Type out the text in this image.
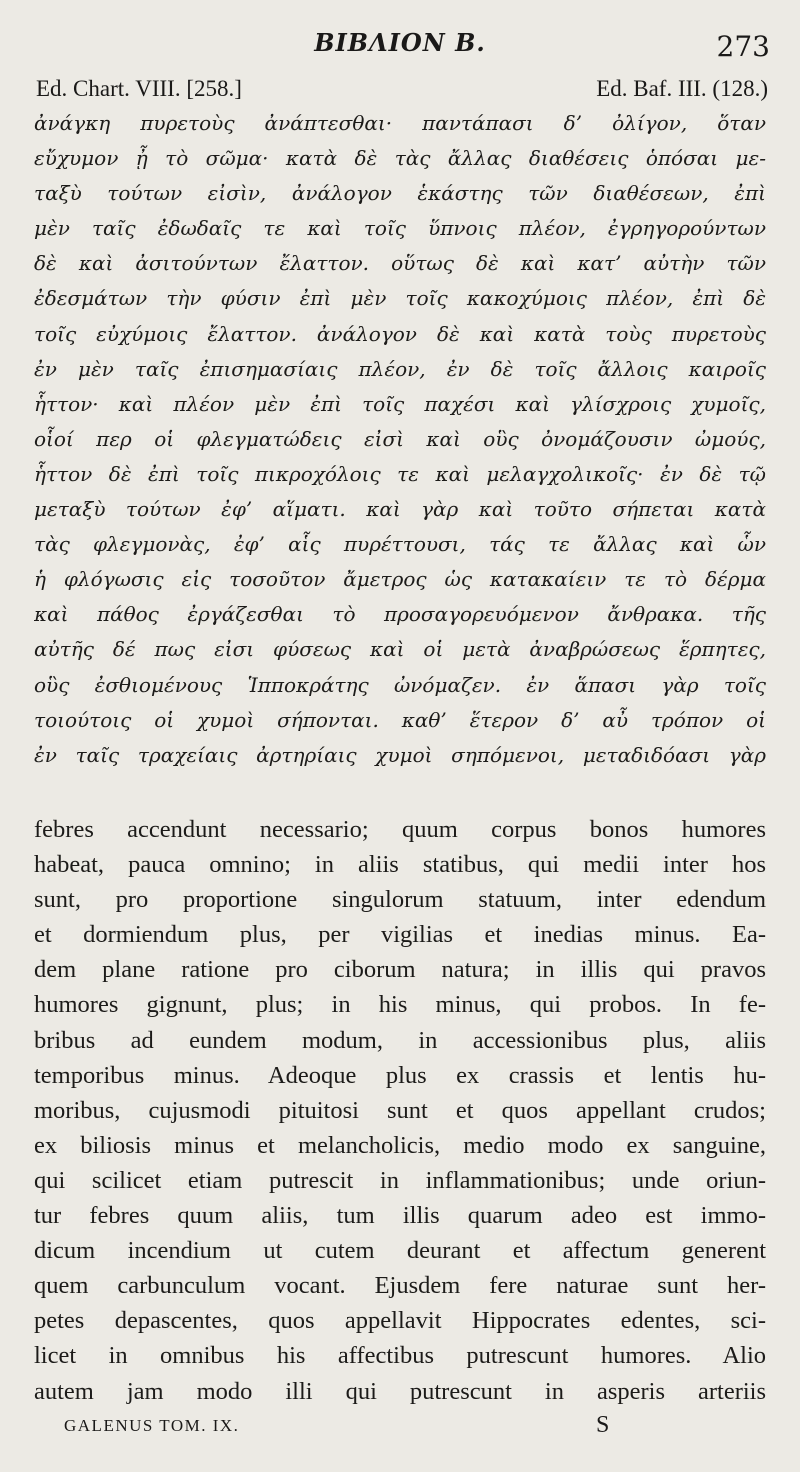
BIBΛΙΟΝ B.	273
Ed. Chart. VIII. [258.]	Ed. Baf. III. (128.)
ἀνάγκη πυρετοὺς ἀνάπτεσθαι· παντάπασι δ’ ὀλίγον, ὅταν
εὔχυμον ᾖ τὸ σῶμα· κατὰ δὲ τὰς ἄλλας διαθέσεις ὁπόσαι με-
ταξὺ τούτων εἰσὶν, ἀνάλογον ἑκάστης τῶν διαθέσεων, ἐπὶ
μὲν ταῖς ἐδωδαῖς τε καὶ τοῖς ὕπνοις πλέον, ἐγρηγορούντων
δὲ καὶ ἀσιτούντων ἔλαττον. οὕτως δὲ καὶ κατ’ αὐτὴν τῶν
ἐδεσμάτων τὴν φύσιν ἐπὶ μὲν τοῖς κακοχύμοις πλέον, ἐπὶ δὲ
τοῖς εὐχύμοις ἔλαττον. ἀνάλογον δὲ καὶ κατὰ τοὺς πυρετοὺς
ἐν μὲν ταῖς ἐπισημασίαις πλέον, ἐν δὲ τοῖς ἄλλοις καιροῖς
ἧττον· καὶ πλέον μὲν ἐπὶ τοῖς παχέσι καὶ γλίσχροις χυμοῖς,
οἷοί περ οἱ φλεγματώδεις εἰσὶ καὶ οὓς ὀνομάζουσιν ὠμούς,
ἧττον δὲ ἐπὶ τοῖς πικροχόλοις τε καὶ μελαγχολικοῖς· ἐν δὲ τῷ
μεταξὺ τούτων ἐφ’ αἵματι. καὶ γὰρ καὶ τοῦτο σήπεται κατὰ
τὰς φλεγμονὰς, ἐφ’ αἷς πυρέττουσι, τάς τε ἄλλας καὶ ὧν
ἡ φλόγωσις εἰς τοσοῦτον ἄμετρος ὡς κατακαίειν τε τὸ δέρμα
καὶ πάθος ἐργάζεσθαι τὸ προσαγορευόμενον ἄνθρακα. τῆς
αὐτῆς δέ πως εἰσι φύσεως καὶ οἱ μετὰ ἀναβρώσεως ἕρπητες,
οὓς ἐσθιομένους Ἱπποκράτης ὠνόμαζεν. ἐν ἅπασι γὰρ τοῖς
τοιούτοις οἱ χυμοὶ σήπονται. καθ’ ἕτερον δ’ αὖ τρόπον οἱ
ἐν ταῖς τραχείαις ἀρτηρίαις χυμοὶ σηπόμενοι, μεταδιδόασι γὰρ
febres accendunt necessario; quum corpus bonos humores
habeat, pauca omnino; in aliis statibus, qui medii inter hos
sunt, pro proportione singulorum statuum, inter edendum
et dormiendum plus, per vigilias et inedias minus. Ea-
dem plane ratione pro ciborum natura; in illis qui pravos
humores gignunt, plus; in his minus, qui probos. In fe-
bribus ad eundem modum, in accessionibus plus, aliis
temporibus minus. Adeoque plus ex crassis et lentis hu-
moribus, cujusmodi pituitosi sunt et quos appellant crudos;
ex biliosis minus et melancholicis, medio modo ex sanguine,
qui scilicet etiam putrescit in inflammationibus; unde oriun-
tur febres quum aliis, tum illis quarum adeo est immo-
dicum incendium ut cutem deurant et affectum generent
quem carbunculum vocant. Ejusdem fere naturae sunt her-
petes depascentes, quos appellavit Hippocrates edentes, sci-
licet in omnibus his affectibus putrescunt humores. Alio
autem jam modo illi qui putrescunt in asperis arteriis
GALENUS TOM. IX.	S
